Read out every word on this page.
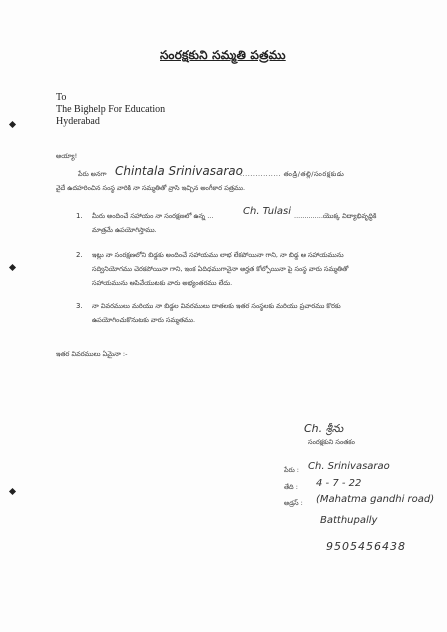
సంరక్షకుని సమ్మతి పత్రము
To
The Bighelp For Education
Hyderabad
అయ్యా!
పేరు అనగా Chintala Srinivasarao
................ తండ్రి/తల్లి/సంరక్షకుడు
వైదే ఉదహరించిన సంస్థ వారికి నా సమ్మతితో వ్రాసి ఇచ్చిన అంగీకార పత్రము.
1. మీరు అందించే సహాయం నా సంరక్షణలో ఉన్న ...	Ch. Tulasi ..............యొక్క విద్యాభివృద్ధికి
మాత్రమే ఉపయోగిస్తాము.
2. ఇట్లు నా సంరక్షణలోని బిడ్డకు అందించే సహాయము లాభ లేకపోయినా గాని, నా బిడ్డ ఆ సహాయమును
సద్వినియోగము చెరకపోయినా గాని, ఇంక ఏదిధముగానైనా అర్హత కోల్పోయినా పై సంస్థ వారు సమ్మతితో
సహాయమును ఆపివేయుటకు వారు అభ్యంతరము లేదు.
3. నా వివరములు మరియు నా బిడ్డల వివరములు దాతలకు ఇతర సంస్థలకు మరియు ప్రచారము కొరకు
ఉపయోగించుకొనుటకు వారు సమ్మతము.
ఇతర వివరములు ఏమైనా :-
Ch. శ్రీను
సంరక్షకుని సంతకం
పేరు : Ch. Srinivasarao
తేది : 4 - 7 - 22
అడ్రస్ : (Mahatma gandhi road)
Batthupally
9505456438
